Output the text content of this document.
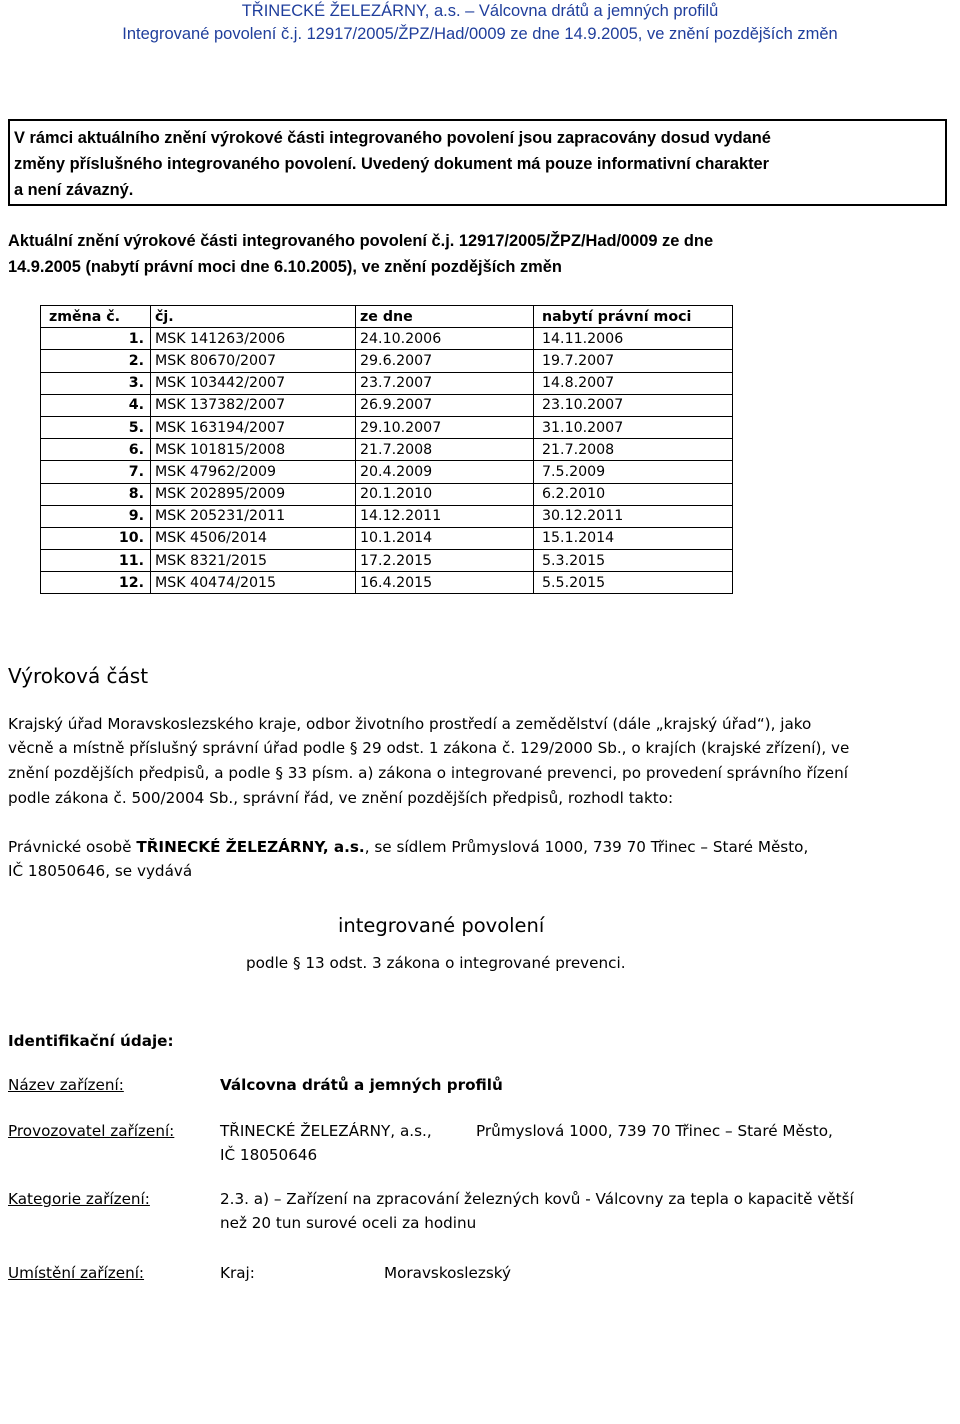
TŘINECKÉ ŽELEZÁRNY, a.s. – Válcovna drátů a jemných profilů
Integrované povolení č.j. 12917/2005/ŽPZ/Had/0009 ze dne 14.9.2005, ve znění pozdějších změn
V rámci aktuálního znění výrokové části integrovaného povolení jsou zapracovány dosud vydané
změny příslušného integrovaného povolení. Uvedený dokument má pouze informativní charakter
a není závazný.
Aktuální znění výrokové části integrovaného povolení č.j. 12917/2005/ŽPZ/Had/0009 ze dne
14.9.2005 (nabytí právní moci dne 6.10.2005), ve znění pozdějších změn
změna č.	čj.	ze dne	nabytí právní moci
1.	MSK 141263/2006	24.10.2006	14.11.2006
2.	MSK 80670/2007	29.6.2007	19.7.2007
3.	MSK 103442/2007	23.7.2007	14.8.2007
4.	MSK 137382/2007	26.9.2007	23.10.2007
5.	MSK 163194/2007	29.10.2007	31.10.2007
6.	MSK 101815/2008	21.7.2008	21.7.2008
7.	MSK 47962/2009	20.4.2009	7.5.2009
8.	MSK 202895/2009	20.1.2010	6.2.2010
9.	MSK 205231/2011	14.12.2011	30.12.2011
10.	MSK 4506/2014	10.1.2014	15.1.2014
11.	MSK 8321/2015	17.2.2015	5.3.2015
12.	MSK 40474/2015	16.4.2015	5.5.2015
Výroková část
Krajský úřad Moravskoslezského kraje, odbor životního prostředí a zemědělství (dále „krajský úřad“), jako
věcně a místně příslušný správní úřad podle § 29 odst. 1 zákona č. 129/2000 Sb., o krajích (krajské zřízení), ve
znění pozdějších předpisů, a podle § 33 písm. a) zákona o integrované prevenci, po provedení správního řízení
podle zákona č. 500/2004 Sb., správní řád, ve znění pozdějších předpisů, rozhodl takto:
Právnické osobě TŘINECKÉ ŽELEZÁRNY, a.s., se sídlem Průmyslová 1000, 739 70 Třinec – Staré Město,
IČ 18050646, se vydává
integrované povolení
podle § 13 odst. 3 zákona o integrované prevenci.
Identifikační údaje:
Název zařízení:	Válcovna drátů a jemných profilů
Provozovatel zařízení:	TŘINECKÉ ŽELEZÁRNY, a.s.,	Průmyslová 1000, 739 70 Třinec – Staré Město,
IČ 18050646
Kategorie zařízení:	2.3. a) – Zařízení na zpracování železných kovů - Válcovny za tepla o kapacitě větší
než 20 tun surové oceli za hodinu
Umístění zařízení:	Kraj:	Moravskoslezský
